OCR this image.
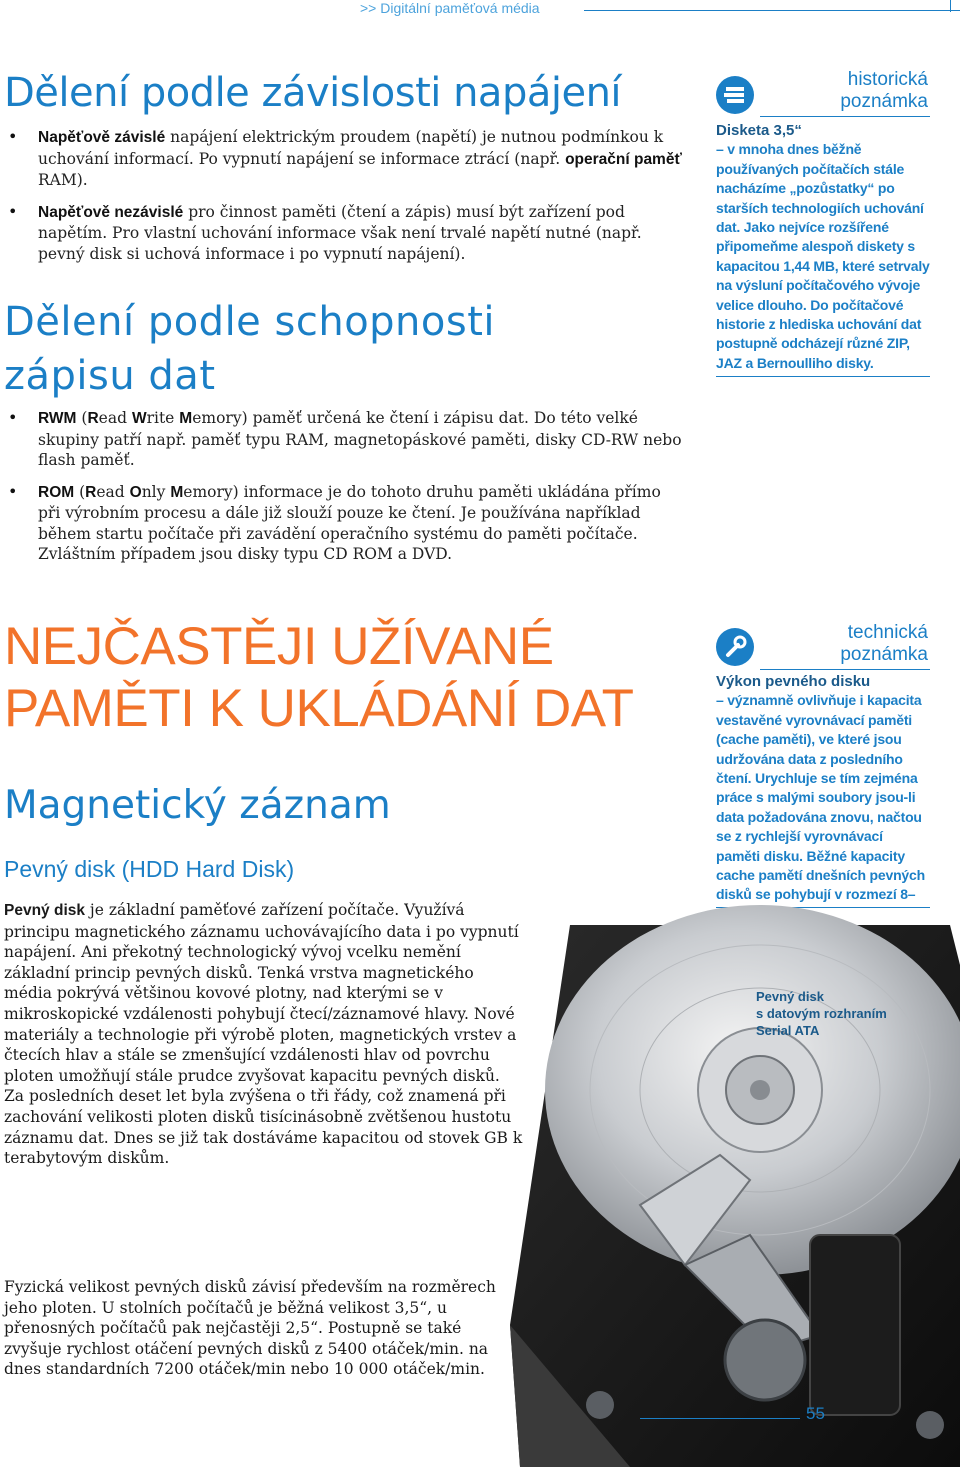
>> Digitální paměťová média
Dělení podle závislosti napájení
• Napěťově závislé napájení elektrickým proudem (napětí) je nutnou podmínkou k uchování informací. Po vypnutí napájení se informace ztrácí (např. operační paměť RAM).
• Napěťově nezávislé pro činnost paměti (čtení a zápis) musí být zařízení pod napětím. Pro vlastní uchování informace však není trvalé napětí nutné (např. pevný disk si uchová informace i po vypnutí napájení).
Dělení podle schopnosti
zápisu dat
• RWM (Read Write Memory) paměť určená ke čtení i zápisu dat. Do této velké skupiny patří např. paměť typu RAM, magnetopáskové paměti, disky CD-RW nebo flash paměť.
• ROM (Read Only Memory) informace je do tohoto druhu paměti ukládána přímo při výrobním procesu a dále již slouží pouze ke čtení. Je používána například během startu počítače při zavádění operačního systému do paměti počítače. Zvláštním případem jsou disky typu CD ROM a DVD.
historická
poznámka
Disketa 3,5“
– v mnoha dnes běžně používaných počítačích stále nacházíme „pozůstatky“ po starších technologiích uchování dat. Jako nejvíce rozšířené připomeňme alespoň diskety s kapacitou 1,44 MB, které setrvaly na výsluní počítačového vývoje velice dlouho. Do počítačové historie z hlediska uchování dat postupně odcházejí různé ZIP, JAZ a Bernoulliho disky.
technická
poznámka
Výkon pevného disku
– významně ovlivňuje i kapacita vestavěné vyrovnávací paměti (cache paměti), ve které jsou udržována data z posledního čtení. Urychluje se tím zejména práce s malými soubory jsou-li data požadována znovu, načtou se z rychlejší vyrovnávací paměti disku. Běžné kapacity cache pamětí dnešních pevných disků se pohybují v rozmezí 8–
NEJČASTĚJI UŽÍVANÉ
PAMĚTI K UKLÁDÁNÍ DAT
Magnetický záznam
Pevný disk (HDD Hard Disk)
Pevný disk
s datovým rozhraním
Serial ATA

Pevný disk je základní paměťové zařízení počítače. Využívá principu magnetického záznamu uchovávajícího data i po vypnutí napájení. Ani překotný technologický vývoj vcelku nemění základní princip pevných disků. Tenká vrstva magnetického média pokrývá většinou kovové plotny, nad kterými se v mikroskopické vzdálenosti pohybují čtecí/záznamové hlavy. Nové materiály a technologie při výrobě ploten, magnetických vrstev a čtecích hlav a stále se zmenšující vzdálenosti hlav od povrchu ploten umožňují stále prudce zvyšovat kapacitu pevných disků. Za posledních deset let byla zvýšena o tři řády, což znamená při zachování velikosti ploten disků tisícinásobně zvětšenou hustotu záznamu dat. Dnes se již tak dostáváme kapacitou od stovek GB k terabytovým diskům.

Fyzická velikost pevných disků závisí především na rozměrech jeho ploten. U stolních počítačů je běžná velikost 3,5“, u přenosných počítačů pak nejčastěji 2,5“. Postupně se také zvyšuje rychlost otáčení pevných disků z 5400 otáček/min. na dnes standardních 7200 otáček/min nebo 10 000 otáček/min.

55
